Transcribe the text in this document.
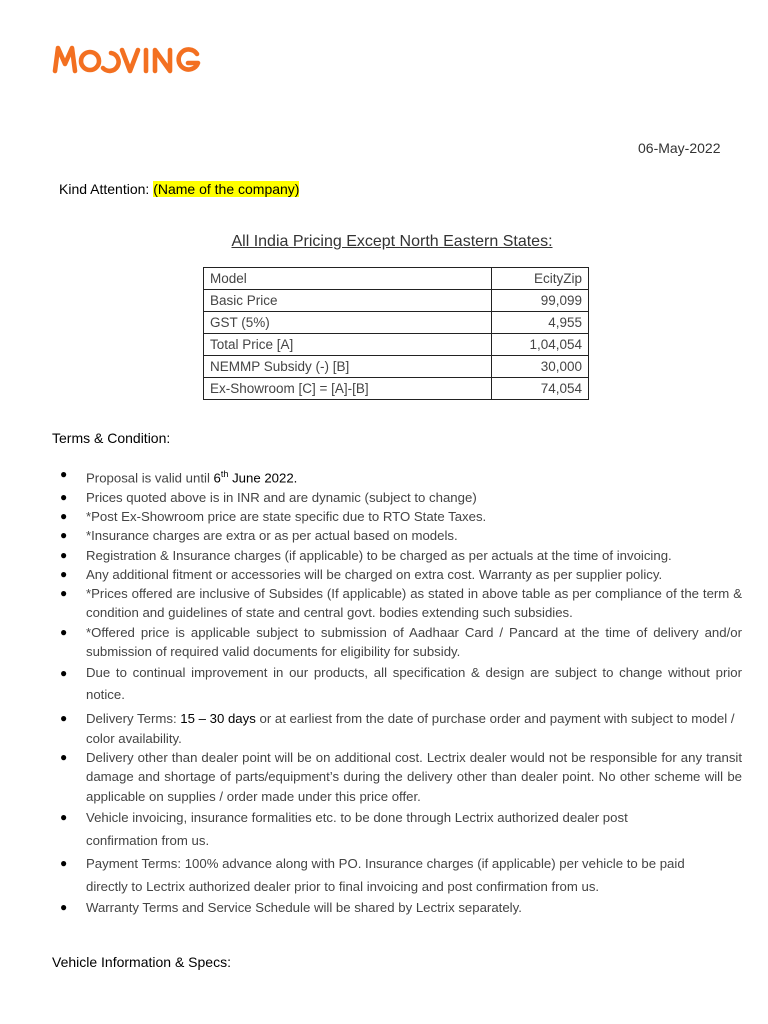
06-May-2022
Kind Attention: (Name of the company)
All India Pricing Except North Eastern States:
Model	EcityZip
Basic Price	99,099
GST (5%)	4,955
Total Price [A]	1,04,054
NEMMP Subsidy (-) [B]	30,000
Ex-Showroom [C] = [A]-[B]	74,054
Terms & Condition:
● Proposal is valid until 6th June 2022.
● Prices quoted above is in INR and are dynamic (subject to change)
● *Post Ex-Showroom price are state specific due to RTO State Taxes.
● *Insurance charges are extra or as per actual based on models.
● Registration & Insurance charges (if applicable) to be charged as per actuals at the time of invoicing.
● Any additional fitment or accessories will be charged on extra cost. Warranty as per supplier policy.
● *Prices offered are inclusive of Subsides (If applicable) as stated in above table as per compliance of the term & condition and guidelines of state and central govt. bodies extending such subsidies.
● *Offered price is applicable subject to submission of Aadhaar Card / Pancard at the time of delivery and/or submission of required valid documents for eligibility for subsidy.
● Due to continual improvement in our products, all specification & design are subject to change without prior notice.
● Delivery Terms: 15 – 30 days or at earliest from the date of purchase order and payment with subject to model / color availability.
● Delivery other than dealer point will be on additional cost. Lectrix dealer would not be responsible for any transit damage and shortage of parts/equipment’s during the delivery other than dealer point. No other scheme will be applicable on supplies / order made under this price offer.
● Vehicle invoicing, insurance formalities etc. to be done through Lectrix authorized dealer post confirmation from us.
● Payment Terms: 100% advance along with PO. Insurance charges (if applicable) per vehicle to be paid directly to Lectrix authorized dealer prior to final invoicing and post confirmation from us.
● Warranty Terms and Service Schedule will be shared by Lectrix separately.
Vehicle Information & Specs:
